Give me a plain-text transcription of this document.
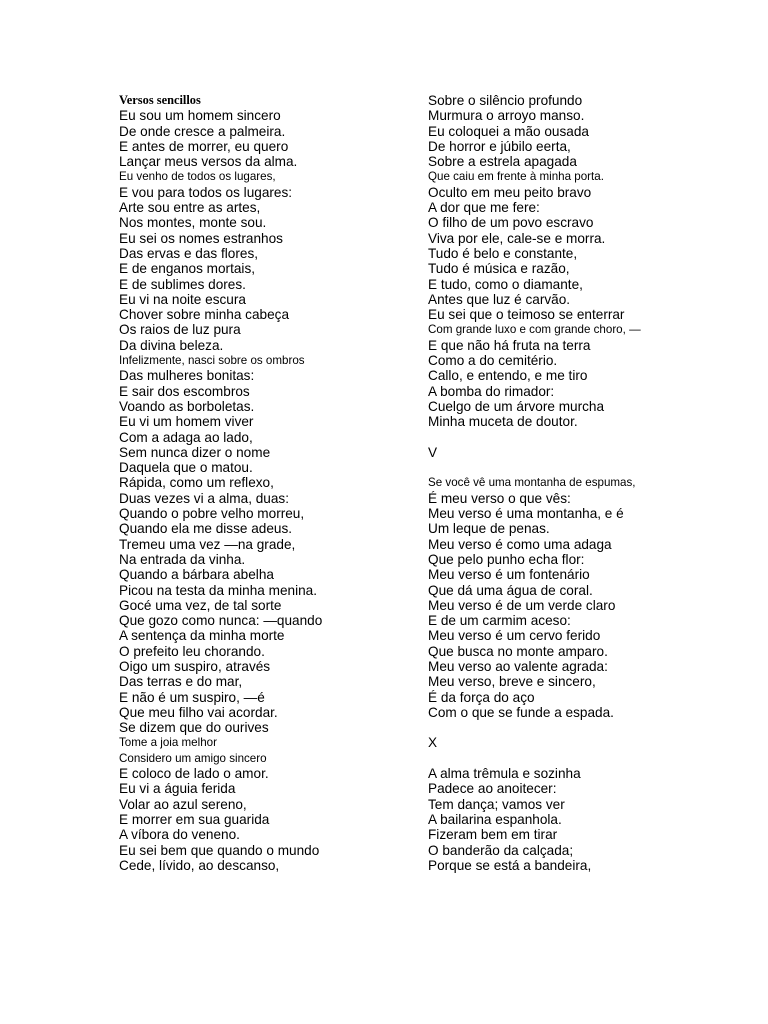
Versos sencillos
Eu sou um homem sincero
De onde cresce a palmeira.
E antes de morrer, eu quero
Lançar meus versos da alma.
Eu venho de todos os lugares,
E vou para todos os lugares:
Arte sou entre as artes,
Nos montes, monte sou.
Eu sei os nomes estranhos
Das ervas e das flores,
E de enganos mortais,
E de sublimes dores.
Eu vi na noite escura
Chover sobre minha cabeça
Os raios de luz pura
Da divina beleza.
Infelizmente, nasci sobre os ombros
Das mulheres bonitas:
E sair dos escombros
Voando as borboletas.
Eu vi um homem viver
Com a adaga ao lado,
Sem nunca dizer o nome
Daquela que o matou.
Rápida, como um reflexo,
Duas vezes vi a alma, duas:
Quando o pobre velho morreu,
Quando ela me disse adeus.
Tremeu uma vez —na grade,
Na entrada da vinha.
Quando a bárbara abelha
Picou na testa da minha menina.
Gocé uma vez, de tal sorte
Que gozo como nunca: —quando
A sentença da minha morte
O prefeito leu chorando.
Oigo um suspiro, através
Das terras e do mar,
E não é um suspiro, —é
Que meu filho vai acordar.
Se dizem que do ourives
Tome a joia melhor
Considero um amigo sincero
E coloco de lado o amor.
Eu vi a águia ferida
Volar ao azul sereno,
E morrer em sua guarida
A víbora do veneno.
Eu sei bem que quando o mundo
Cede, lívido, ao descanso,
Sobre o silêncio profundo
Murmura o arroyo manso.
Eu coloquei a mão ousada
De horror e júbilo eerta,
Sobre a estrela apagada
Que caiu em frente à minha porta.
Oculto em meu peito bravo
A dor que me fere:
O filho de um povo escravo
Viva por ele, cale-se e morra.
Tudo é belo e constante,
Tudo é música e razão,
E tudo, como o diamante,
Antes que luz é carvão.
Eu sei que o teimoso se enterrar
Com grande luxo e com grande choro, —
E que não há fruta na terra
Como a do cemitério.
Callo, e entendo, e me tiro
A bomba do rimador:
Cuelgo de um árvore murcha
Minha muceta de doutor.
V
Se você vê uma montanha de espumas,
É meu verso o que vês:
Meu verso é uma montanha, e é
Um leque de penas.
Meu verso é como uma adaga
Que pelo punho echa flor:
Meu verso é um fontenário
Que dá uma água de coral.
Meu verso é de um verde claro
E de um carmim aceso:
Meu verso é um cervo ferido
Que busca no monte amparo.
Meu verso ao valente agrada:
Meu verso, breve e sincero,
É da força do aço
Com o que se funde a espada.
X
A alma trêmula e sozinha
Padece ao anoitecer:
Tem dança; vamos ver
A bailarina espanhola.
Fizeram bem em tirar
O banderão da calçada;
Porque se está a bandeira,
